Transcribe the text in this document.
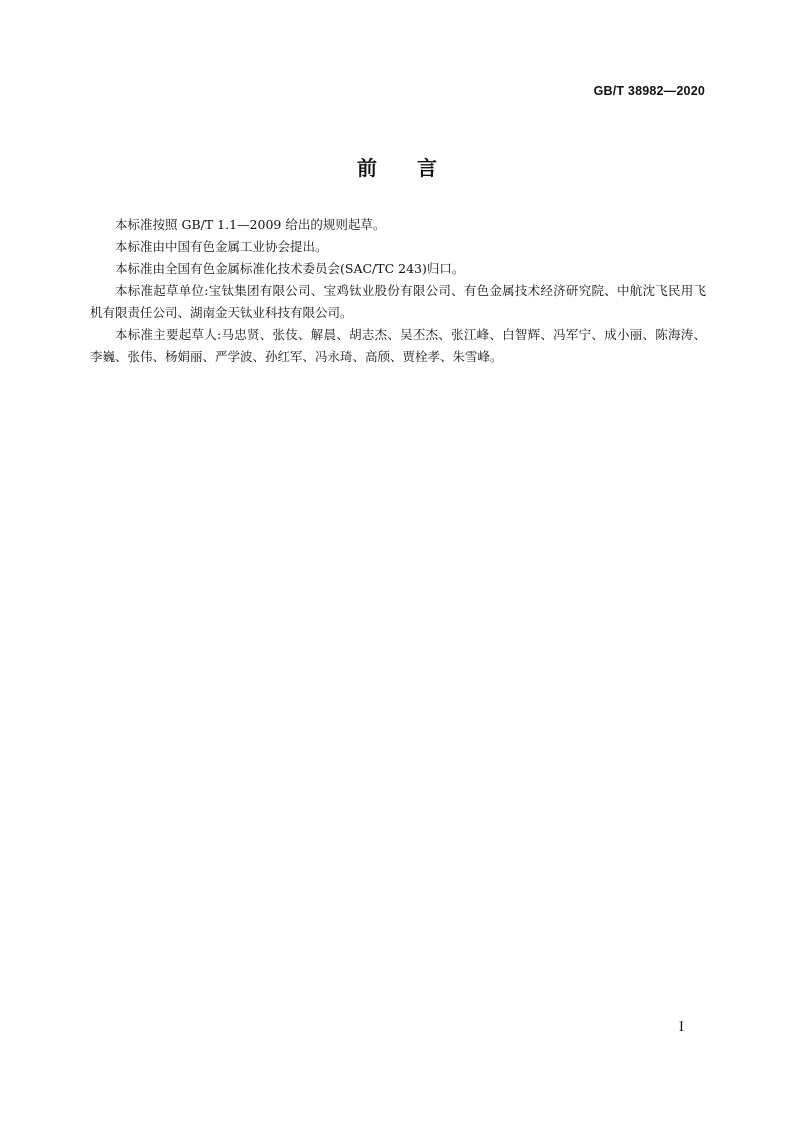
GB/T 38982—2020
前言

本标准按照 GB/T 1.1—2009 给出的规则起草。

本标准由中国有色金属工业协会提出。

本标准由全国有色金属标准化技术委员会(SAC/TC 243)归口。

本标准起草单位:宝钛集团有限公司、宝鸡钛业股份有限公司、有色金属技术经济研究院、中航沈飞民用飞机有限责任公司、湖南金天钛业科技有限公司。

本标准主要起草人:马忠贤、张伎、解晨、胡志杰、吴丕杰、张江峰、白智辉、冯军宁、成小丽、陈海涛、李巍、张伟、杨娟丽、严学波、孙红军、冯永琦、高颀、贾栓孝、朱雪峰。

I
